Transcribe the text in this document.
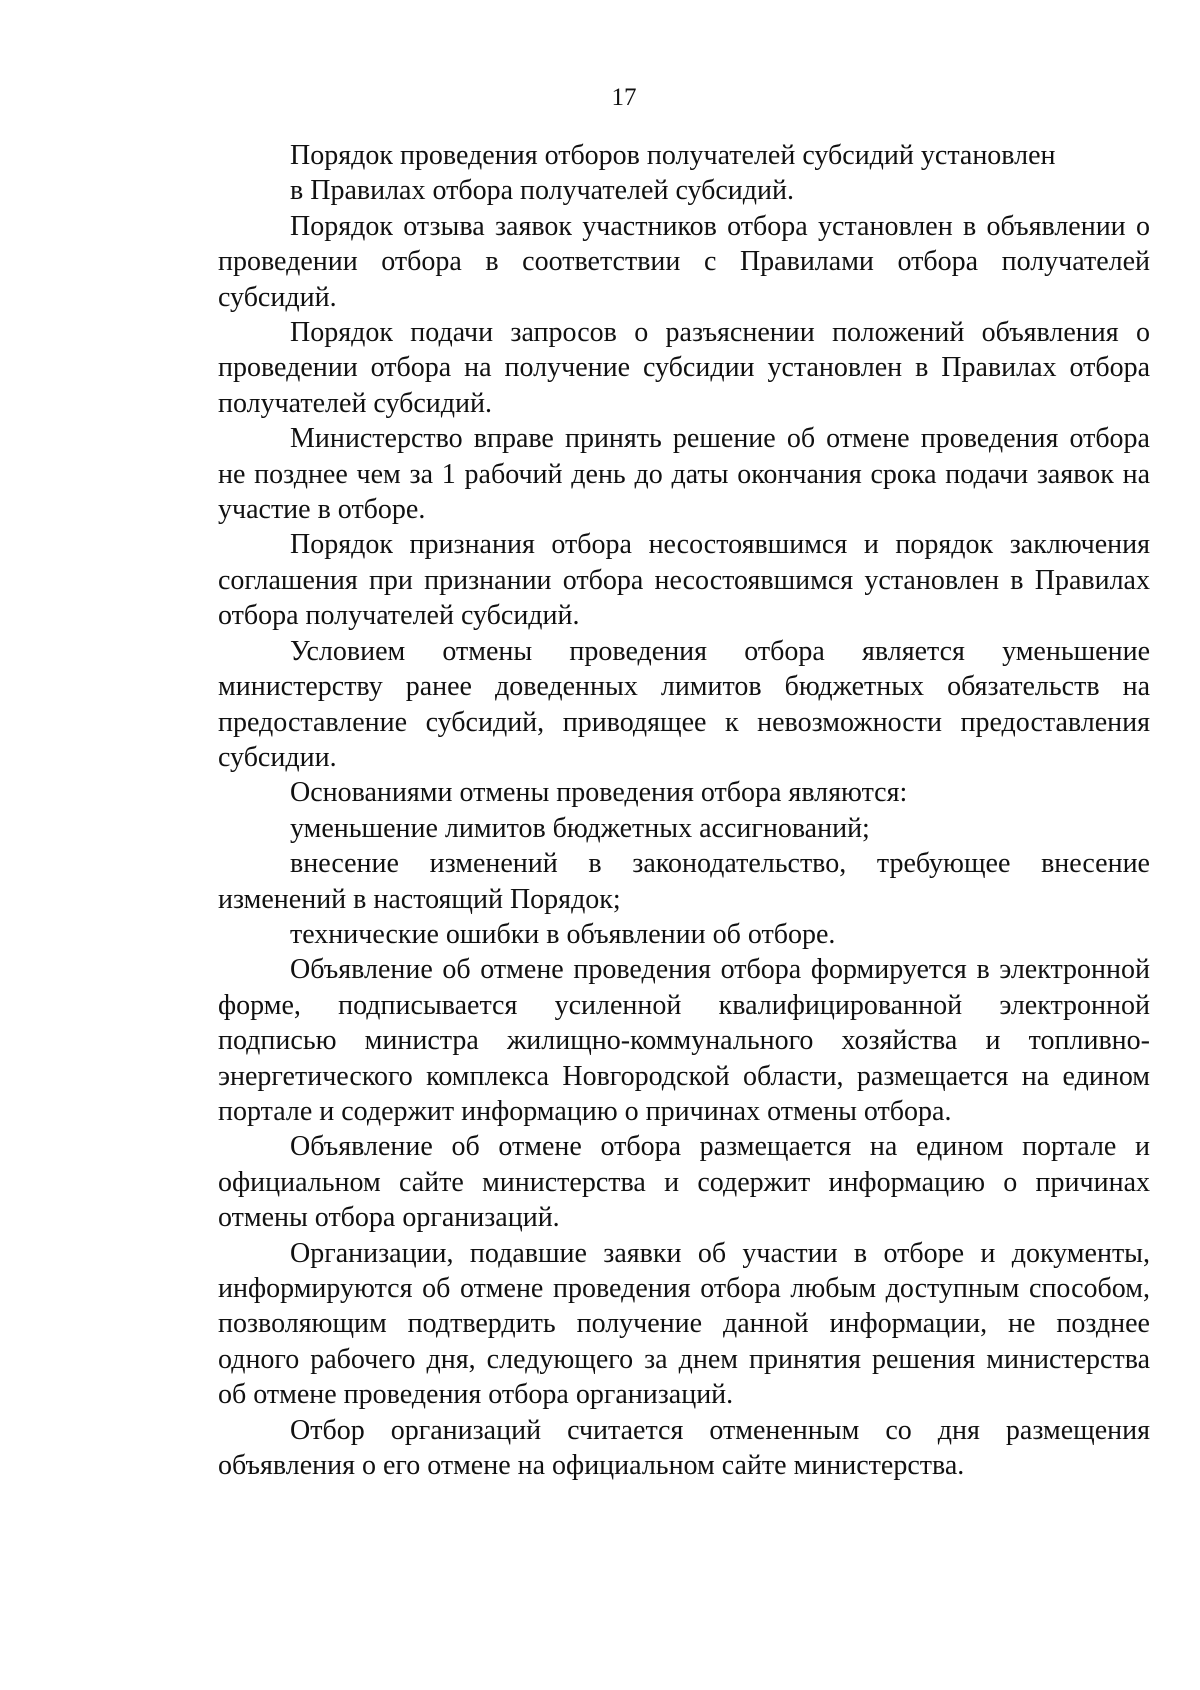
17

Порядок проведения отборов получателей субсидий установлен

в Правилах отбора получателей субсидий.

Порядок отзыва заявок участников отбора установлен в объявлении о проведении отбора в соответствии с Правилами отбора получателей субсидий.

Порядок подачи запросов о разъяснении положений объявления о проведении отбора на получение субсидии установлен в Правилах отбора получателей субсидий.

Министерство вправе принять решение об отмене проведения отбора не позднее чем за 1 рабочий день до даты окончания срока подачи заявок на участие в отборе.

Порядок признания отбора несостоявшимся и порядок заключения соглашения при признании отбора несостоявшимся установлен в Правилах отбора получателей субсидий.

Условием отмены проведения отбора является уменьшение министерству ранее доведенных лимитов бюджетных обязательств на предоставление субсидий, приводящее к невозможности предоставления субсидии.

Основаниями отмены проведения отбора являются:

уменьшение лимитов бюджетных ассигнований;

внесение изменений в законодательство, требующее внесение изменений в настоящий Порядок;

технические ошибки в объявлении об отборе.

Объявление об отмене проведения отбора формируется в электронной форме, подписывается усиленной квалифицированной электронной подписью министра жилищно-коммунального хозяйства и топливно-энергетического комплекса Новгородской области, размещается на едином портале и содержит информацию о причинах отмены отбора.

Объявление об отмене отбора размещается на едином портале и официальном сайте министерства и содержит информацию о причинах отмены отбора организаций.

Организации, подавшие заявки об участии в отборе и документы, информируются об отмене проведения отбора любым доступным способом, позволяющим подтвердить получение данной информации, не позднее одного рабочего дня, следующего за днем принятия решения министерства об отмене проведения отбора организаций.

Отбор организаций считается отмененным со дня размещения объявления о его отмене на официальном сайте министерства.
